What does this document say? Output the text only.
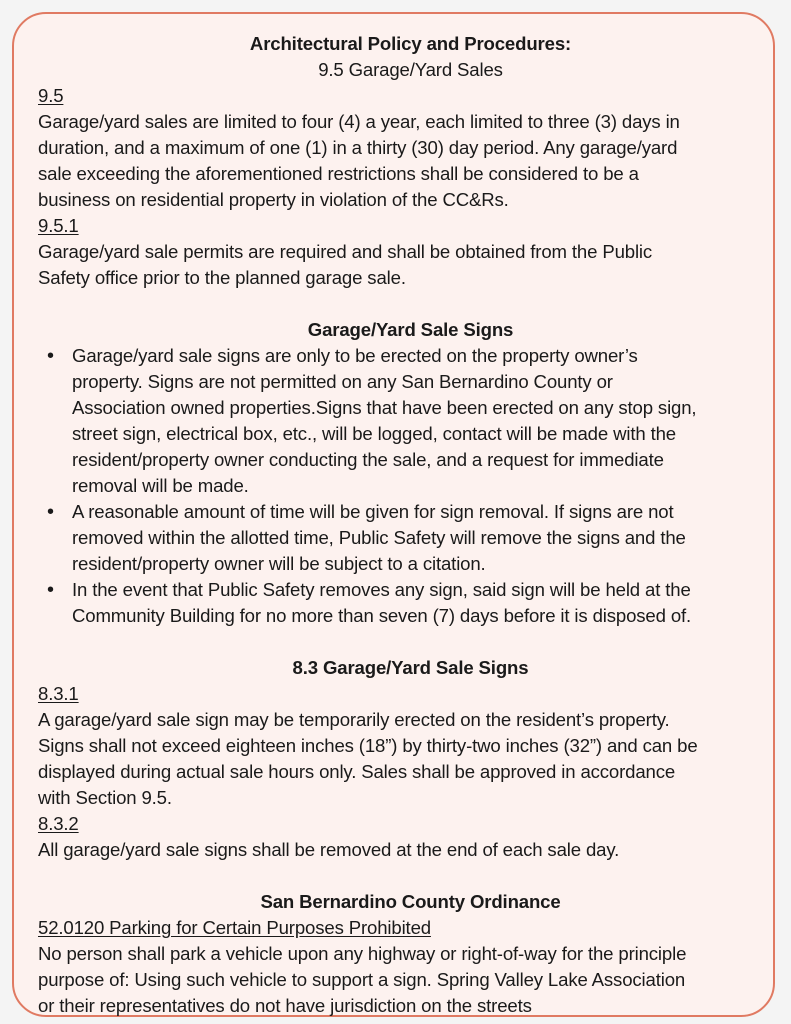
Architectural Policy and Procedures:
9.5 Garage/Yard Sales
9.5
Garage/yard sales are limited to four (4) a year, each limited to three (3) days in
duration, and a maximum of one (1) in a thirty (30) day period. Any garage/yard
sale exceeding the aforementioned restrictions shall be considered to be a
business on residential property in violation of the CC&Rs.
9.5.1
Garage/yard sale permits are required and shall be obtained from the Public
Safety office prior to the planned garage sale.
Garage/Yard Sale Signs
• Garage/yard sale signs are only to be erected on the property owner’s
property. Signs are not permitted on any San Bernardino County or
Association owned properties.Signs that have been erected on any stop sign,
street sign, electrical box, etc., will be logged, contact will be made with the
resident/property owner conducting the sale, and a request for immediate
removal will be made.
• A reasonable amount of time will be given for sign removal. If signs are not
removed within the allotted time, Public Safety will remove the signs and the
resident/property owner will be subject to a citation.
• In the event that Public Safety removes any sign, said sign will be held at the
Community Building for no more than seven (7) days before it is disposed of.
8.3 Garage/Yard Sale Signs
8.3.1
A garage/yard sale sign may be temporarily erected on the resident’s property.
Signs shall not exceed eighteen inches (18”) by thirty-two inches (32”) and can be
displayed during actual sale hours only. Sales shall be approved in accordance
with Section 9.5.
8.3.2
All garage/yard sale signs shall be removed at the end of each sale day.
San Bernardino County Ordinance
52.0120 Parking for Certain Purposes Prohibited
No person shall park a vehicle upon any highway or right-of-way for the principle
purpose of: Using such vehicle to support a sign. Spring Valley Lake Association
or their representatives do not have jurisdiction on the streets
